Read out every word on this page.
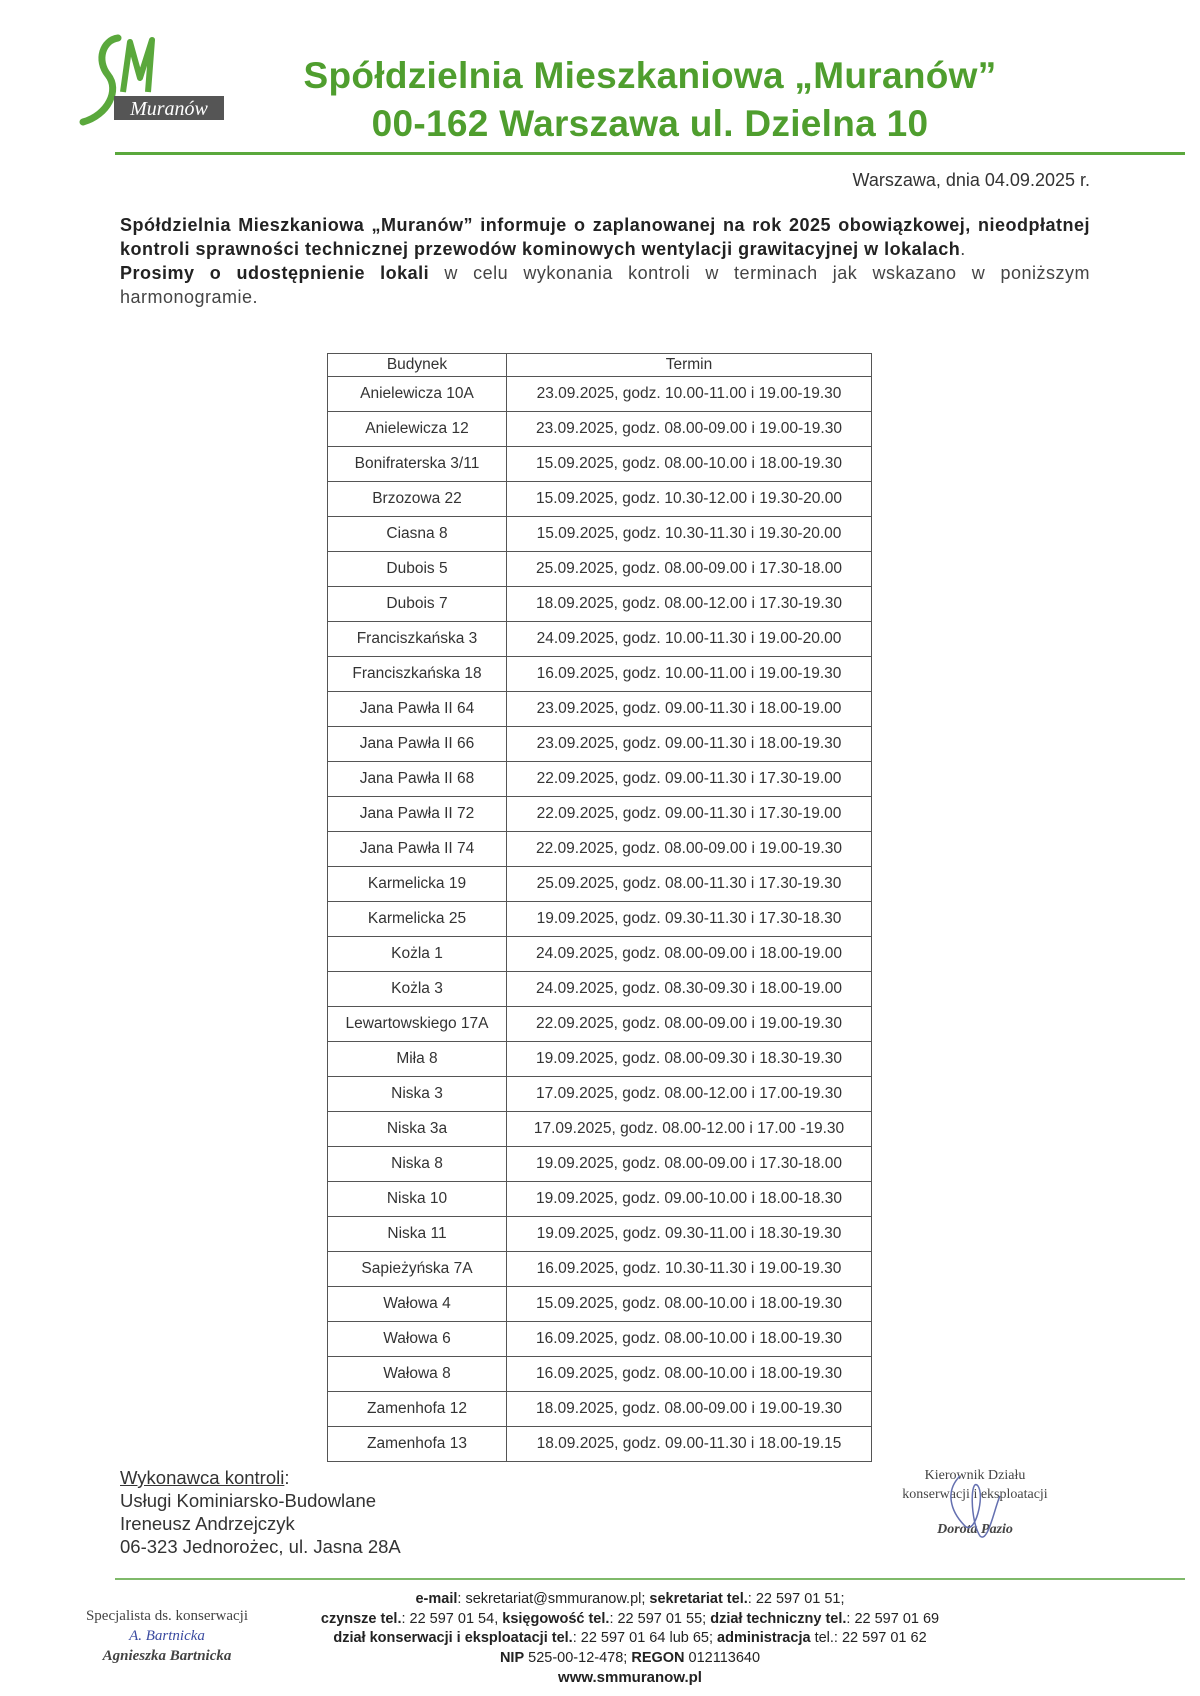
Muranów
Spółdzielnia Mieszkaniowa „Muranów”
00-162 Warszawa ul. Dzielna 10
Warszawa, dnia 04.09.2025 r.
Spółdzielnia Mieszkaniowa „Muranów” informuje o zaplanowanej na rok 2025 obowiązkowej, nieodpłatnej kontroli sprawności technicznej przewodów kominowych wentylacji grawitacyjnej w lokalach.
Prosimy o udostępnienie lokali w celu wykonania kontroli w terminach jak wskazano w poniższym harmonogramie.
Budynek	Termin
Anielewicza 10A	23.09.2025, godz. 10.00-11.00 i 19.00-19.30
Anielewicza 12	23.09.2025, godz. 08.00-09.00 i 19.00-19.30
Bonifraterska 3/11	15.09.2025, godz. 08.00-10.00 i 18.00-19.30
Brzozowa 22	15.09.2025, godz. 10.30-12.00 i 19.30-20.00
Ciasna 8	15.09.2025, godz. 10.30-11.30 i 19.30-20.00
Dubois 5	25.09.2025, godz. 08.00-09.00 i 17.30-18.00
Dubois 7	18.09.2025, godz. 08.00-12.00 i 17.30-19.30
Franciszkańska 3	24.09.2025, godz. 10.00-11.30 i 19.00-20.00
Franciszkańska 18	16.09.2025, godz. 10.00-11.00 i 19.00-19.30
Jana Pawła II 64	23.09.2025, godz. 09.00-11.30 i 18.00-19.00
Jana Pawła II 66	23.09.2025, godz. 09.00-11.30 i 18.00-19.30
Jana Pawła II 68	22.09.2025, godz. 09.00-11.30 i 17.30-19.00
Jana Pawła II 72	22.09.2025, godz. 09.00-11.30 i 17.30-19.00
Jana Pawła II 74	22.09.2025, godz. 08.00-09.00 i 19.00-19.30
Karmelicka 19	25.09.2025, godz. 08.00-11.30 i 17.30-19.30
Karmelicka 25	19.09.2025, godz. 09.30-11.30 i 17.30-18.30
Kożla 1	24.09.2025, godz. 08.00-09.00 i 18.00-19.00
Kożla 3	24.09.2025, godz. 08.30-09.30 i 18.00-19.00
Lewartowskiego 17A	22.09.2025, godz. 08.00-09.00 i 19.00-19.30
Miła 8	19.09.2025, godz. 08.00-09.30 i 18.30-19.30
Niska 3	17.09.2025, godz. 08.00-12.00 i 17.00-19.30
Niska 3a	17.09.2025, godz. 08.00-12.00 i 17.00 -19.30
Niska 8	19.09.2025, godz. 08.00-09.00 i 17.30-18.00
Niska 10	19.09.2025, godz. 09.00-10.00 i 18.00-18.30
Niska 11	19.09.2025, godz. 09.30-11.00 i 18.30-19.30
Sapieżyńska 7A	16.09.2025, godz. 10.30-11.30 i 19.00-19.30
Wałowa 4	15.09.2025, godz. 08.00-10.00 i 18.00-19.30
Wałowa 6	16.09.2025, godz. 08.00-10.00 i 18.00-19.30
Wałowa 8	16.09.2025, godz. 08.00-10.00 i 18.00-19.30
Zamenhofa 12	18.09.2025, godz. 08.00-09.00 i 19.00-19.30
Zamenhofa 13	18.09.2025, godz. 09.00-11.30 i 18.00-19.15
Wykonawca kontroli:
Usługi Kominiarsko-Budowlane
Ireneusz Andrzejczyk
06-323 Jednorożec, ul. Jasna 28A
Kierownik Działu
konserwacji i eksploatacji
Dorota Pazio
Specjalista ds. konserwacji
A. Bartnicka
Agnieszka Bartnicka
e-mail: sekretariat@smmuranow.pl; sekretariat tel.: 22 597 01 51;
czynsze tel.: 22 597 01 54, księgowość tel.: 22 597 01 55; dział techniczny tel.: 22 597 01 69
dział konserwacji i eksploatacji tel.: 22 597 01 64 lub 65; administracja tel.: 22 597 01 62
NIP 525-00-12-478; REGON 012113640
www.smmuranow.pl
